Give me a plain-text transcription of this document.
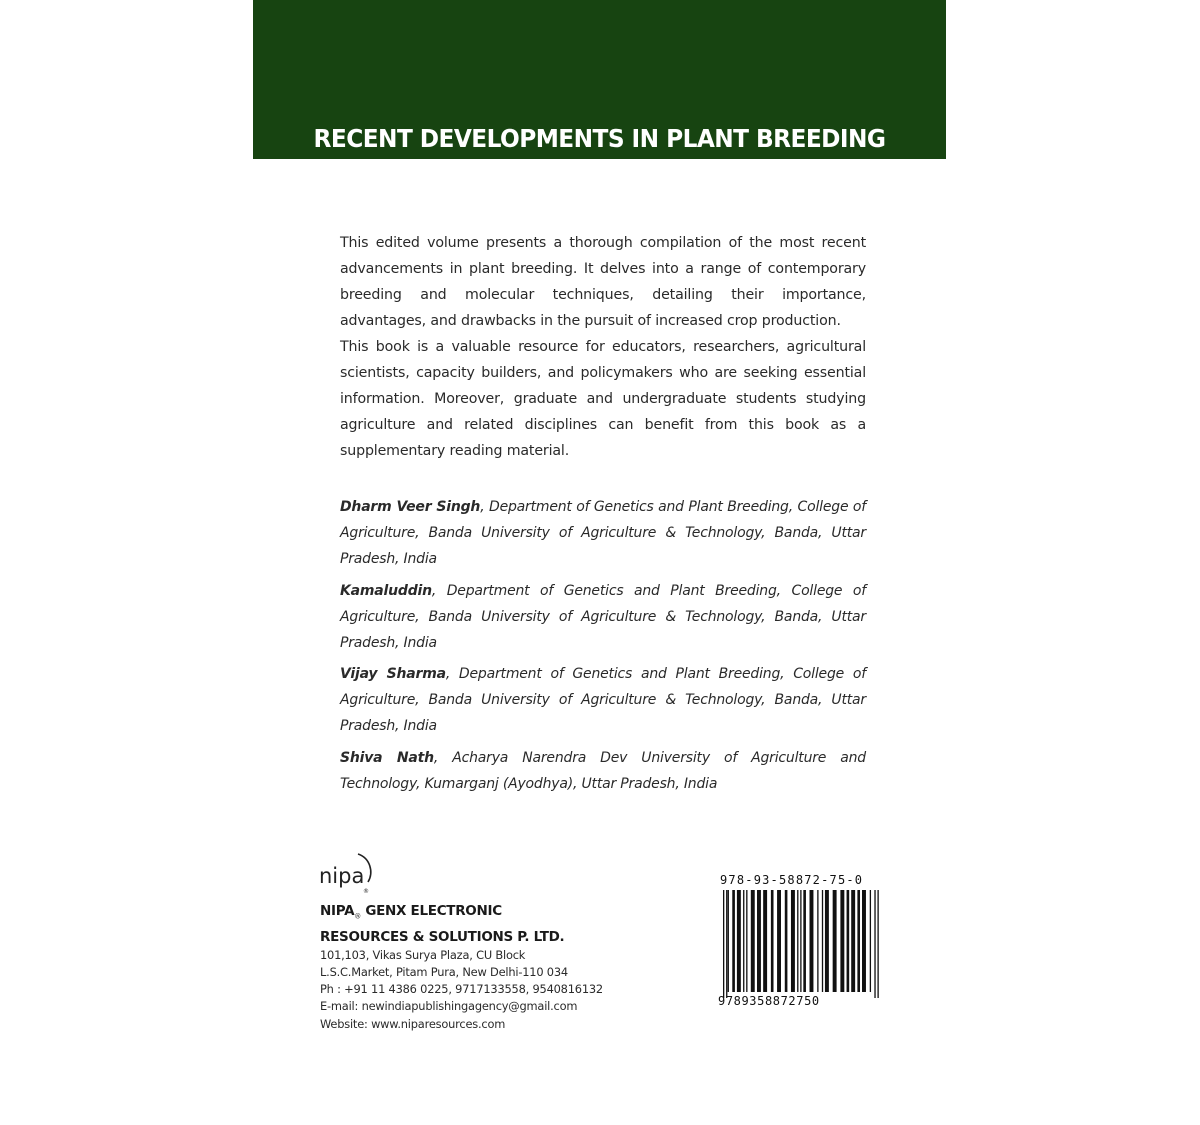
RECENT DEVELOPMENTS IN PLANT BREEDING

This edited volume presents a thorough compilation of the most recent advancements in plant breeding. It delves into a range of contemporary breeding and molecular techniques, detailing their importance, advantages, and drawbacks in the pursuit of increased crop production.

This book is a valuable resource for educators, researchers, agricultural scientists, capacity builders, and policymakers who are seeking essential information. Moreover, graduate and undergraduate students studying agriculture and related disciplines can benefit from this book as a supplementary reading material.

Dharm Veer Singh, Department of Genetics and Plant Breeding, College of Agriculture, Banda University of Agriculture & Technology, Banda, Uttar Pradesh, India

Kamaluddin, Department of Genetics and Plant Breeding, College of Agriculture, Banda University of Agriculture & Technology, Banda, Uttar Pradesh, India

Vijay Sharma, Department of Genetics and Plant Breeding, College of Agriculture, Banda University of Agriculture & Technology, Banda, Uttar Pradesh, India

Shiva Nath, Acharya Narendra Dev University of Agriculture and Technology, Kumarganj (Ayodhya), Uttar Pradesh, India

nipa
®
$NIPA_®$ GENX ELECTRONIC
RESOURCES & SOLUTIONS P. LTD.
101,103, Vikas Surya Plaza, CU Block
L.S.C.Market, Pitam Pura, New Delhi-110 034
Ph : +91 11 4386 0225, 9717133558, 9540816132
E-mail: newindiapublishingagency@gmail.com
Website: www.niparesources.com
978-93-58872-75-0
9789358872750
